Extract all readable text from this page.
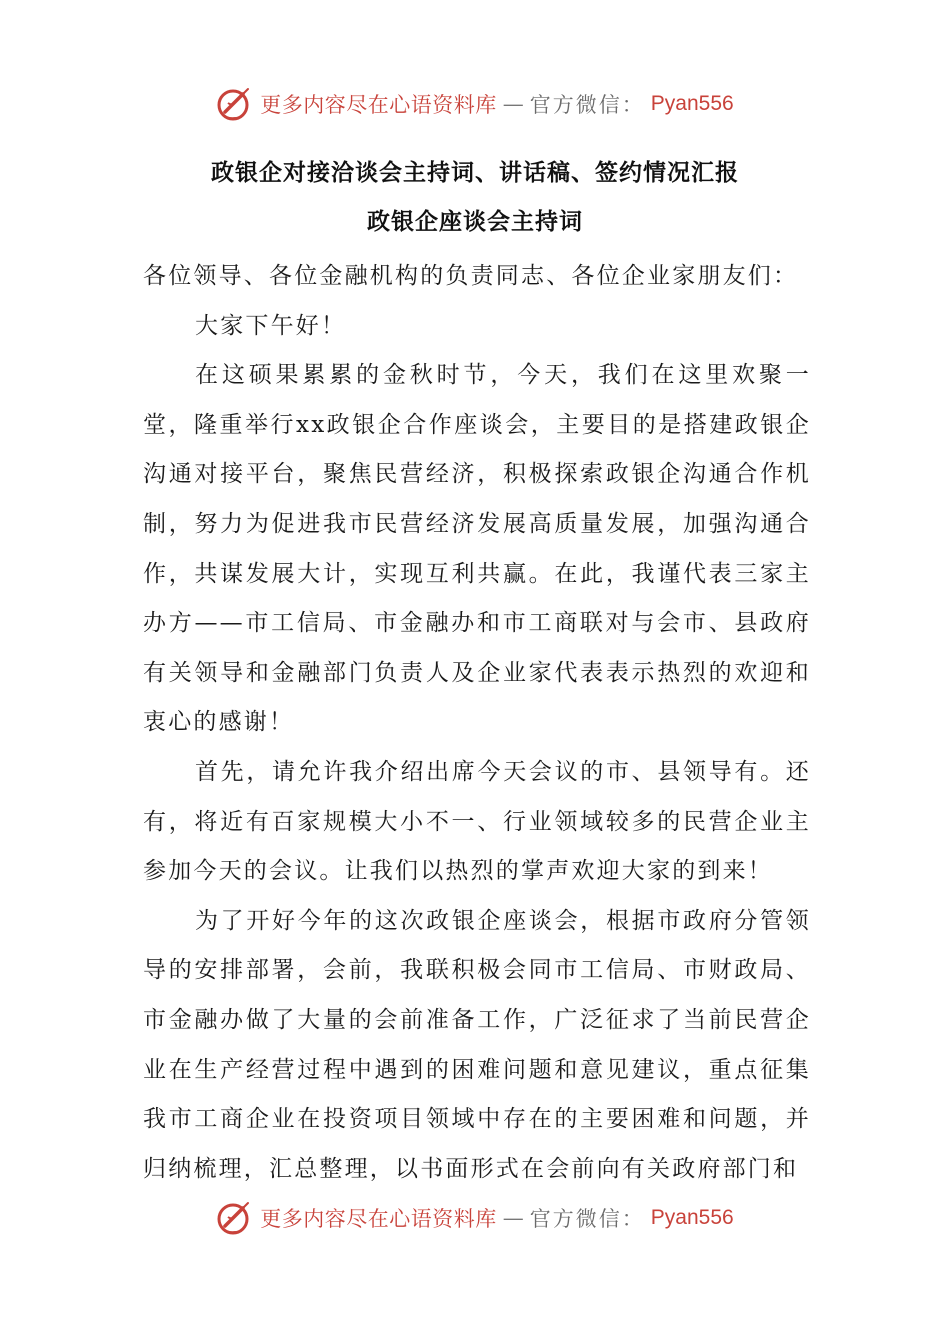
更多内容尽在心语资料库 — 官方微信： Pyan556
政银企对接洽谈会主持词、讲话稿、签约情况汇报
政银企座谈会主持词

各位领导、各位金融机构的负责同志、各位企业家朋友们：

大家下午好！

在这硕果累累的金秋时节，今天，我们在这里欢聚一堂，隆重举行xx政银企合作座谈会，主要目的是搭建政银企沟通对接平台，聚焦民营经济，积极探索政银企沟通合作机制，努力为促进我市民营经济发展高质量发展，加强沟通合作，共谋发展大计，实现互利共赢。在此，我谨代表三家主办方——市工信局、市金融办和市工商联对与会市、县政府有关领导和金融部门负责人及企业家代表表示热烈的欢迎和衷心的感谢！

首先，请允许我介绍出席今天会议的市、县领导有。还有，将近有百家规模大小不一、行业领域较多的民营企业主参加今天的会议。让我们以热烈的掌声欢迎大家的到来！

为了开好今年的这次政银企座谈会，根据市政府分管领导的安排部署，会前，我联积极会同市工信局、市财政局、市金融办做了大量的会前准备工作，广泛征求了当前民营企业在生产经营过程中遇到的困难问题和意见建议，重点征集我市工商企业在投资项目领域中存在的主要困难和问题，并归纳梳理，汇总整理，以书面形式在会前向有关政府部门和

更多内容尽在心语资料库 — 官方微信： Pyan556
